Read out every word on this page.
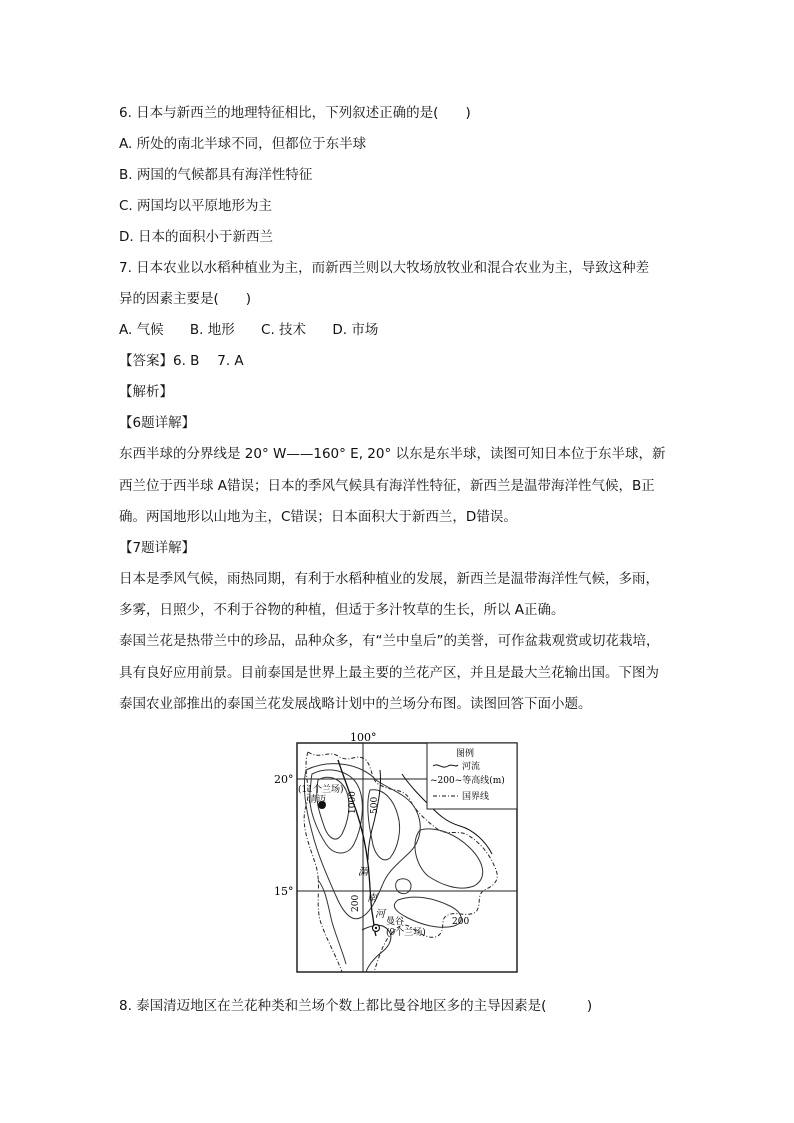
6. 日本与新西兰的地理特征相比，下列叙述正确的是(　　)
A. 所处的南北半球不同，但都位于东半球
B. 两国的气候都具有海洋性特征
C. 两国均以平原地形为主
D. 日本的面积小于新西兰
7. 日本农业以水稻种植业为主，而新西兰则以大牧场放牧业和混合农业为主，导致这种差
异的因素主要是(　　)
A. 气候 B. 地形 C. 技术 D. 市场
【答案】6. B　 7. A
【解析】
【6题详解】
东西半球的分界线是 20° W——160° E, 20° 以东是东半球，读图可知日本位于东半球，新
西兰位于西半球 A错误；日本的季风气候具有海洋性特征，新西兰是温带海洋性气候，B正
确。两国地形以山地为主，C错误；日本面积大于新西兰，D错误。
【7题详解】
日本是季风气候，雨热同期，有利于水稻种植业的发展，新西兰是温带海洋性气候，多雨，
多雾，日照少，不利于谷物的种植，但适于多汁牧草的生长，所以 A正确。
泰国兰花是热带兰中的珍品，品种众多，有“兰中皇后”的美誉，可作盆栽观赏或切花栽培，
具有良好应用前景。目前泰国是世界上最主要的兰花产区，并且是最大兰花输出国。下图为
泰国农业部推出的泰国兰花发展战略计划中的兰场分布图。读图回答下面小题。
100°
20°
15°
1000 500
200
200
湄
南
河
(11个兰场)
清迈
曼谷
(9个兰场)
图例
河流
~200~等高线(m)
国界线
8. 泰国清迈地区在兰花种类和兰场个数上都比曼谷地区多的主导因素是(　　　)
